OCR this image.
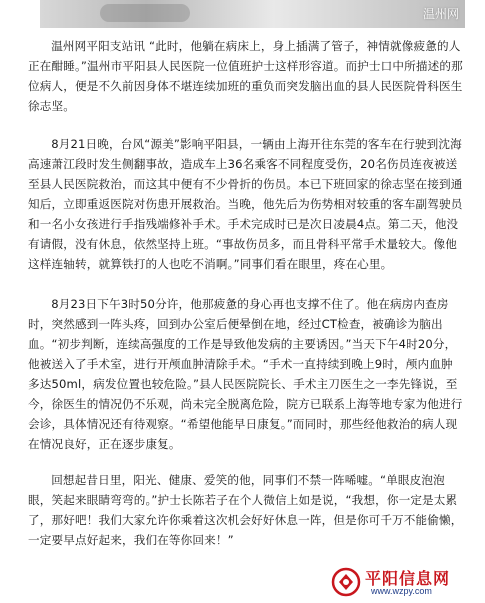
温州网

温州网平阳支站讯 “此时，他躺在病床上，身上插满了管子，神情就像疲惫的人正在酣睡。”温州市平阳县人民医院一位值班护士这样形容道。而护士口中所描述的那位病人，便是不久前因身体不堪连续加班的重负而突发脑出血的县人民医院骨科医生徐志坚。

8月21日晚，台风“源美”影响平阳县，一辆由上海开往东莞的客车在行驶到沈海高速萧江段时发生侧翻事故，造成车上36名乘客不同程度受伤，20名伤员连夜被送至县人民医院救治，而这其中便有不少骨折的伤员。本已下班回家的徐志坚在接到通知后，立即重返医院对伤患开展救治。当晚，他先后为伤势相对较重的客车副驾驶员和一名小女孩进行手指残端修补手术。手术完成时已是次日凌晨4点。第二天，他没有请假，没有休息，依然坚持上班。“事故伤员多，而且骨科平常手术量较大。像他这样连轴转，就算铁打的人也吃不消啊。”同事们看在眼里，疼在心里。

8月23日下午3时50分许，他那疲惫的身心再也支撑不住了。他在病房内查房时，突然感到一阵头疼，回到办公室后便晕倒在地，经过CT检查，被确诊为脑出血。“初步判断，连续高强度的工作是导致他发病的主要诱因。”当天下午4时20分，他被送入了手术室，进行开颅血肿清除手术。“手术一直持续到晚上9时，颅内血肿多达50ml，病发位置也较危险。”县人民医院院长、手术主刀医生之一李先锋说，至今，徐医生的情况仍不乐观，尚未完全脱离危险，院方已联系上海等地专家为他进行会诊，具体情况还有待观察。“希望他能早日康复。”而同时，那些经他救治的病人现在情况良好，正在逐步康复。

回想起昔日里，阳光、健康、爱笑的他，同事们不禁一阵唏嘘。“单眼皮泡泡眼，笑起来眼睛弯弯的。”护士长陈若子在个人微信上如是说，“我想，你一定是太累了，那好吧！我们大家允许你乘着这次机会好好休息一阵，但是你可千万不能偷懒，一定要早点好起来，我们在等你回来！”

平阳信息网
www.wzpy.com
